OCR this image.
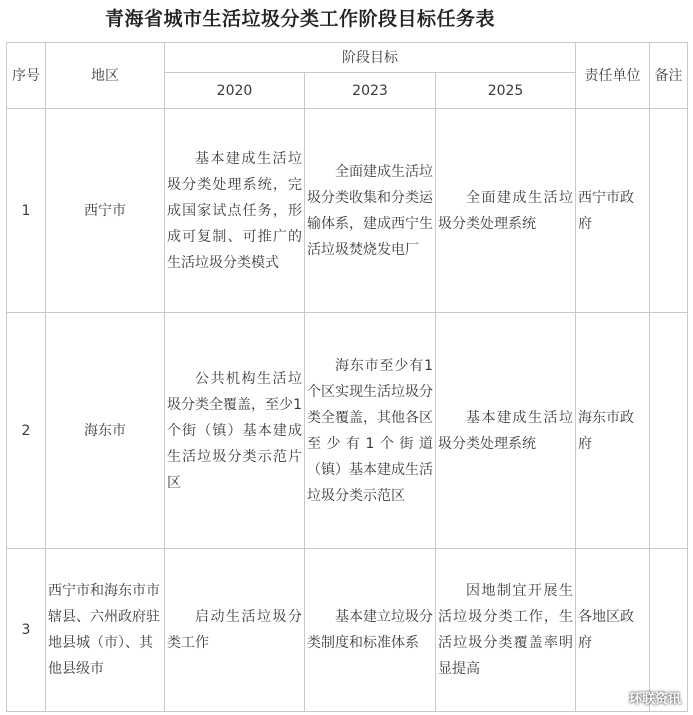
青海省城市生活垃圾分类工作阶段目标任务表
序号	地区	阶段目标			责任单位	备注
		2020	2023	2025		
1	西宁市	基本建成生活垃圾分类处理系统，完成国家试点任务，形成可复制、可推广的生活垃圾分类模式	全面建成生活垃圾分类收集和分类运输体系，建成西宁生活垃圾焚烧发电厂	全面建成生活垃圾分类处理系统	西宁市政府	
2	海东市	公共机构生活垃圾分类全覆盖，至少1个街（镇）基本建成生活垃圾分类示范片区	海东市至少有1个区实现生活垃圾分类全覆盖，其他各区至少有1个街道（镇）基本建成生活垃圾分类示范区	基本建成生活垃圾分类处理系统	海东市政府	
3	西宁市和海东市市辖县、六州政府驻地县城（市）、其他县级市	启动生活垃圾分类工作	基本建立垃圾分类制度和标准体系	因地制宜开展生活垃圾分类工作，生活垃圾分类覆盖率明显提高	各地区政府	
环联资讯
